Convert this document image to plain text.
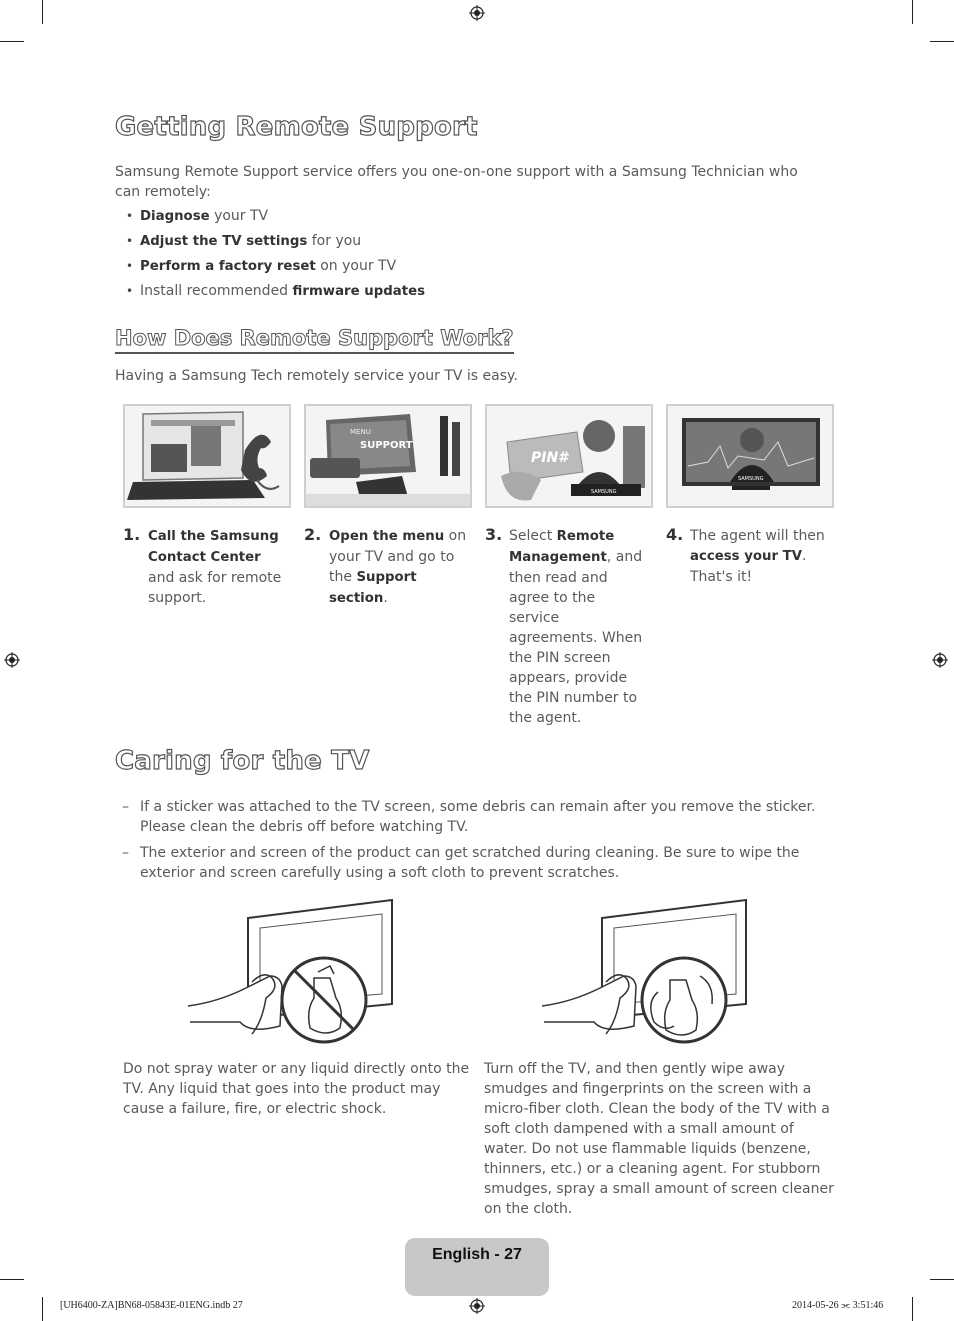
Getting Remote Support

Samsung Remote Support service offers you one-on-one support with a Samsung Technician who can remotely:

• Diagnose your TV
• Adjust the TV settings for you
• Perform a factory reset on your TV
• Install recommended firmware updates
How Does Remote Support Work?

Having a Samsung Tech remotely service your TV is easy.

MENU
SUPPORT
PIN#
SAMSUNG
SAMSUNG
1. Call the Samsung Contact Center and ask for remote support.
2. Open the menu on your TV and go to the Support section.
3. Select Remote Management, and then read and agree to the service agreements. When the PIN screen appears, provide the PIN number to the agent.
4. The agent will then access your TV. That's it!
Caring for the TV
– If a sticker was attached to the TV screen, some debris can remain after you remove the sticker. Please clean the debris off before watching TV.
– The exterior and screen of the product can get scratched during cleaning. Be sure to wipe the exterior and screen carefully using a soft cloth to prevent scratches.

Do not spray water or any liquid directly onto the TV. Any liquid that goes into the product may cause a failure, fire, or electric shock.

Turn off the TV, and then gently wipe away smudges and fingerprints on the screen with a micro-fiber cloth. Clean the body of the TV with a soft cloth dampened with a small amount of water. Do not use flammable liquids (benzene, thinners, etc.) or a cleaning agent. For stubborn smudges, spray a small amount of screen cleaner on the cloth.

English - 27
[UH6400-ZA]BN68-05843E-01ENG.indb 27	2014-05-26 ⫘ 3:51:46
